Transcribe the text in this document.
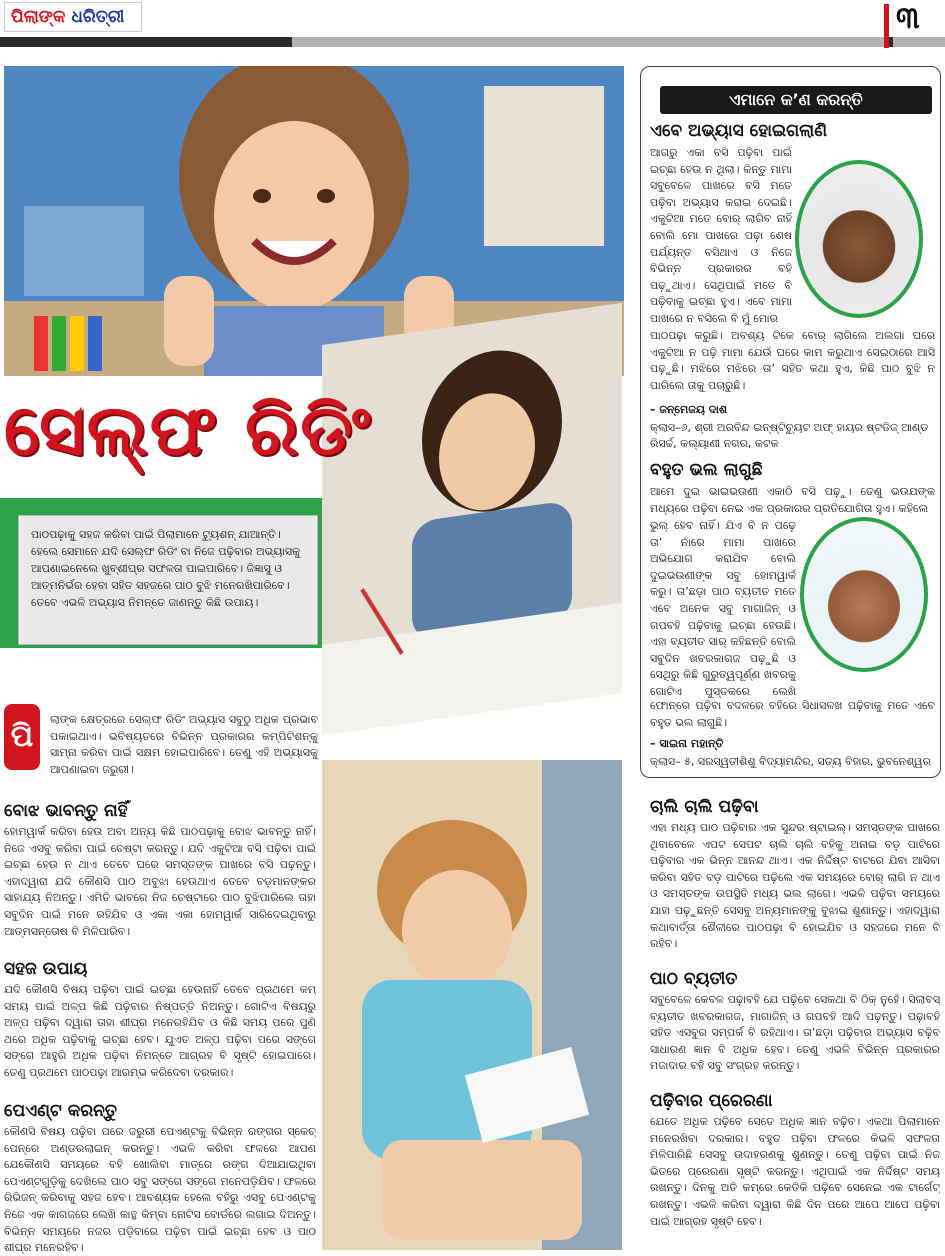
ପିଲାଙ୍କ ଧରିତ୍ରୀ	୩
ସେଲ୍ଫ ରିଡିଂ
ପାଠପଢ଼ାକୁ ସହଜ କରିବା ପାଇଁ ପିଲାମାନେ ଟ୍ୟୁଶନ୍ ଯାଆନ୍ତି। ହେଲେ ସେମାନେ ଯଦି ସେଲ୍ଫ ରିଡିଂ ବା ନିଜେ ପଢ଼ିବାର ଅଭ୍ୟାସକୁ ଆପଣାଇନେଲେ ଖୁବ୍‌ଶୀଘ୍ର ସଫଳତା ପାଇପାରିବେ। ଜିଜ୍ଞାସୁ ଓ ଆତ୍ମନିର୍ଭର ହେବା ସହିତ ସହଜରେ ପାଠ ବୁଝି ମନେରଖିପାରିବେ। ତେବେ ଏଭଳି ଅଭ୍ୟାସ ନିମନ୍ତେ ଜାଣନ୍ତୁ କିଛି ଉପାୟ।
ପି	ଲାଙ୍କ କ୍ଷେତ୍ରରେ ସେଲ୍ଫ ରିଡିଂ ଅଭ୍ୟାସ ସବୁଠୁ ଅଧିକ ପ୍ରଭାବ ପକାଇଥାଏ। ଭବିଷ୍ୟତରେ ବିଭିନ୍ନ ପ୍ରକାରର କମ୍ପିଟିଶନ୍‌କୁ ସାମ୍ନା କରିବା ପାଇଁ ସକ୍ଷମ ହୋଇପାରିବେ। ତେଣୁ ଏହି ଅଭ୍ୟାସକୁ ଆପଣାଇବା ଜରୁରୀ।
ବୋଝ ଭାବନ୍ତୁ ନାହିଁ
ହୋମୱାର୍କ କରିବା ହେଉ ଅବା ଅନ୍ୟ କିଛି ପାଠପଢ଼ାକୁ ବୋଝ ଭାବନ୍ତୁ ନାହିଁ। ନିଜେ ଏସବୁ କରିବା ପାଇଁ ଚେଷ୍ଟା କରନ୍ତୁ। ଯଦି ଏକୁଟିଆ ବସି ପଢ଼ିବା ପାଇଁ ଇଚ୍ଛା ହେଉ ନ ଥାଏ ତେବେ ଘରେ ସମସ୍ତଙ୍କ ପାଖରେ ବସି ପଢ଼ନ୍ତୁ। ଏହାଦ୍ୱାରା ଯଦି କୌଣସି ପାଠ ଅବୁଝା ହେଉଥାଏ ତେବେ ବଡ଼ମାନଙ୍କର ସାହାଯ୍ୟ ନିଅନ୍ତୁ। ଏମିତି ଭାବରେ ନିଜ ଚେଷ୍ଟାରେ ପାଠ ବୁଝିପାରିଲେ ତାହା ସବୁଦିନ ପାଇଁ ମନେ ରହିଯିବ ଓ ଏକା ଏକା ହୋମୱାର୍କ ସାରିଦେଇଥିବାରୁ ଆତ୍ମସନ୍ତୋଷ ବି ମିଳିପାରିବ।
ସହଜ ଉପାୟ
ଯଦି କୌଣସି ବିଷୟ ପଢ଼ିବା ପାଇଁ ଇଚ୍ଛା ହେଉନାହିଁ ତେବେ ପ୍ରଥମେ କମ୍ ସମୟ ପାଇଁ ଅଳ୍ପ କିଛି ପଢ଼ିବାର ନିଷ୍ପତ୍ତି ନିଅନ୍ତୁ। ଗୋଟିଏ ବିଷୟରୁ ଅଳ୍ପ ପଢ଼ିବା ଦ୍ୱାରା ତାହା ଶୀଘ୍ର ମନେରହିଯିବ ଓ କିଛି ସମୟ ପରେ ପୁଣି ଥରେ ଅଧିକ ପଢ଼ିବାକୁ ଇଚ୍ଛା ହେବ। ଯୁଏତ ଅଳ୍ପ ପଢ଼ିବା ପରେ ସଙ୍ଗେ ସଙ୍ଗେ ଆହୁରି ଅଧିକ ପଢ଼ିବା ନିମନ୍ତେ ଆଗ୍ରହ ବି ସୃଷ୍ଟି ହୋଇପାରେ। ତେଣୁ ପ୍ରଥମେ ପାଠପଢ଼ା ଆରମ୍ଭ କରିଦେବା ଦରକାର।
ପେଏଣ୍ଟ କରନ୍ତୁ
କୌଣସି ବିଷୟ ପଢ଼ିବା ପରେ ଜରୁରୀ ପେଏଣ୍ଟକୁ ବିଭିନ୍ନ ରଙ୍ଗର ସ୍କେଚ୍ ପେନ୍‌ରେ ଅଣ୍ଡରଲାଇନ୍ କରନ୍ତୁ। ଏଭଳି କରିବା ଫଳରେ ଆପଣ ଯେକୌଣସି ସମୟରେ ବହି ଖୋଲିବା ମାତ୍ରେ ରଙ୍ଗ ଦିଆଯାଇଥିବା ପେଏଣ୍ଟଗୁଡ଼ିକୁ ଦେଖିଲେ ପାଠ ସବୁ ସଙ୍ଗେ ସଙ୍ଗେ ମନେପଡ଼ିଯିବ। ଫଳରେ ରିଭିଜନ୍ କରିବାକୁ ସହଜ ହେବ। ଆବଶ୍ୟକ ହେଲେ ବହିରୁ ଏସବୁ ପେଏଣ୍ଟକୁ ନିଜେ ଏକ କାଗଜରେ ଲେଖି କାନ୍ଥ କିମ୍ବା ନୋଟିସ ବୋର୍ଡରେ ଲଗାଇ ଦିଅନ୍ତୁ। ବିଭିନ୍ନ ସମୟରେ ନଜର ପଡ଼ିବାରେ ପଢ଼ିବା ପାଇଁ ଇଚ୍ଛା ହେବ ଓ ପାଠ ଶୀଘ୍ର ମନେରହିବ।
ଏମାନେ କ’ଣ କରନ୍ତି
ଏବେ ଅଭ୍ୟାସ ହୋଇଗଲାଣି
ଆଗରୁ ଏକା ବସି ପଢ଼ିବା ପାଇଁ ଇଚ୍ଛା ହେଉ ନ ଥିଲା। କିନ୍ତୁ ମାମା ସବୁବେଳେ ପାଖରେ ବସି ମତେ ପଢ଼ିବା ଅଭ୍ୟାସ କରାଇ ଦେଇଛି। ଏକୁଟିଆ ମତେ ବୋର୍ ଲାଗିବ ନାହିଁ ବୋଲି ମୋ ପାଖରେ ପଢ଼ା ଶେଷ ପର୍ଯ୍ୟନ୍ତ ବସିଥାଏ ଓ ନିଜେ ବିଭିନ୍ନ ପ୍ରକାରର ବହି ପଢ଼ୁଥାଏ। ସେଥିପାଇଁ ମତେ ବି ପଢ଼ିବାକୁ ଇଚ୍ଛା ହୁଏ। ଏବେ ମାମା ପାଖରେ ନ ବସିଲେ ବି ମୁଁ ମୋର
ପାଠପଢ଼ା କରୁଛି। ଅବଶ୍ୟ ଟିକେ ବୋର୍ ଲାଗିଲେ ଅଲଗା ଘରେ ଏକୁଟିଆ ନ ପଢ଼ି ମାମା ଯେଉଁ ଘରେ କାମ କରୁଥାଏ ସେଇଠାରେ ଆସି ପଢ଼ୁଛି। ମଝିରେ ମଝିରେ ତା’ ସହିତ କଥା ହୁଏ, କିଛି ପାଠ ବୁଝି ନ ପାରିଲେ ତାକୁ ପଚାରୁଛି।
– ଜନ୍ମେଜୟ ଦାଶ
କ୍ଲାସ–୬, ଶ୍ରୀ ଅରବିନ୍ଦ ଇନ୍‌ଷ୍ଟିଚ୍ୟୁଟ ଅଫ୍ ହାୟର ଷ୍ଟଡିଜ୍ ଆଣ୍ଡ ରିସର୍ଚ୍ଚ, କଲ୍ୟାଣୀ ନଗର, କଟକ
ବହୁତ ଭଲ ଲାଗୁଛି
ଆମେ ଦୁଇ ଭାଇଭଉଣୀ ଏକାଠି ବସି ପଢ଼ୁ। ତେଣୁ ଭଉଯଙ୍କ ମଧ୍ୟରେ ପଢ଼ିବା ନେଇ ଏକ ପ୍ରକାରର ପ୍ରତିଯୋଗିତା ହୁଏ। କହିଲେ
ଭୁଲ୍ ହେବ ନାହିଁ। ଯିଏ ବି ନ ପଢ଼େ ତା’ ନାଁରେ ମାମା ପାଖରେ ଅଭିଯୋଗ କରାଯିବ ବୋଲି ଦୁଇଭଉଣୀଙ୍କ ସବୁ ହୋମୱାର୍କ କରୁ। ତା’ଛଡ଼ା ପାଠ ବ୍ୟତୀତ ମତେ ଏବେ ଅନେକ ସବୁ ମାଗାଜିନ୍ ଓ ଗପବହି ପଢ଼ିବାକୁ ଇଚ୍ଛା ହେଉଛି। ଏହା ବ୍ୟତୀତ ସାର୍ କହିଛନ୍ତି ବୋଲି ସବୁଦିନ ଖବରକାଗଜ ପଢ଼ୁଛି ଓ ସେଥିରୁ କିଛି ଗୁରୁତ୍ୱପୂର୍ଣ୍ଣ ଖବରକୁ ଗୋଟିଏ ପୁସ୍ତକରେ ଲେଖି
ଫୋନ୍‌ରେ ପଢ଼ିବା ବଦଳରେ ବହିରେ ସିଧାସଳଖ ପଢ଼ିବାକୁ ମତେ ଏବେ ବହୁତ ଭଲ ଲାଗୁଛି।
– ସାଇନା ମହାନ୍ତି
କ୍ଲାସ– ୫, ସରସ୍ୱତୀଶିଶୁ ବିଦ୍ୟାମନ୍ଦିର, ସତ୍ୟ ବିହାର, ଭୁବନେଶ୍ୱର
ଚାଲି ଚାଲି ପଢ଼ିବା
ଏହା ମଧ୍ୟ ପାଠ ପଢ଼ିବାର ଏକ ସୁନ୍ଦର ଷ୍ଟାଇଲ୍। ସମସ୍ତଙ୍କ ପାଖରେ ଥିବାବେଳେ ଏପଟ ସେପଟ ଚାଲି ଚାଲି ବହିକୁ ଅନାଇ ବଡ଼ ପାଟିରେ ପଢ଼ିବାର ଏକ ଭିନ୍ନ ଆନନ୍ଦ ଥାଏ। ଏକ ନିର୍ଦ୍ଦିଷ୍ଟ ବାଟରେ ଯିବା ଆସିବା କରିବା ସହିତ ବଡ଼ ପାଟିରେ ପଢ଼ିଲେ ଏକ ସମୟରେ ବୋର୍ ଲାଗି ନ ଥାଏ ଓ ସମସ୍ତଙ୍କ ଉପସ୍ଥିତି ମଧ୍ୟ ଭଲ ଲାଗେ। ଏଭଳି ପଢ଼ିବା ସମୟରେ ଯାହା ପଢ଼ୁଛନ୍ତି ସେସବୁ ଅନ୍ୟମାନଙ୍କୁ ବୁଝାଇ ଶୁଣାନ୍ତୁ। ଏହାଦ୍ୱାରା କଥାବାର୍ତ୍ତା ଶୈଳୀରେ ପାଠପଢ଼ା ବି ହୋଇଯିବ ଓ ସହଜରେ ମନେ ବି ରହିବ।
ପାଠ ବ୍ୟତୀତ
ସବୁବେଳେ କେବଳ ପଢ଼ାବହି ଯେ ପଢ଼ିବେ ସେକଥା ବି ଠିକ୍ ନୁହେଁ। ସିଲାବସ୍ ବ୍ୟତୀତ ଖବରକାଗଜ, ମାଗାଜିନ୍ ଓ ଗପବହି ଆଦି ପଢ଼ନ୍ତୁ। ପଢ଼ାବହି ସହିତ ଏସବୁର ସମ୍ପର୍କ ବି ରହିଥାଏ। ତା’ଛଡ଼ା ପଢ଼ିବାର ଅଭ୍ୟାସ ବଢ଼ିବ ସାଧାରଣ ଜ୍ଞାନ ବି ଅଧିକ ହେବ। ତେଣୁ ଏଭଳି ବିଭିନ୍ନ ପ୍ରକାରର ମଜାଦାର ବହି ସବୁ ସଂଗ୍ରହ କରନ୍ତୁ।
ପଢ଼ିବାର ପ୍ରେରଣା
ଯେତେ ଅଧିକ ପଢ଼ିବେ ସେତେ ଅଧିକ ଜ୍ଞାନ ବଢ଼ିବ। ଏକଥା ପିଲାମାନେ ମନେରଖିବା ଦରକାର। ବହୁତ ପଢ଼ିବା ଫଳରେ କିଭଳି ସଫଳତା ମିଳିପାରିଛି ସେସବୁ ଉଦାହରଣକୁ ଶୁଣନ୍ତୁ। ତେଣୁ ପଢ଼ିବା ପାଇଁ ନିଜ ଭିତରେ ପ୍ରେରଣା ସୃଷ୍ଟି କରନ୍ତୁ। ଏଥିପାଇଁ ଏକ ନିର୍ଦ୍ଦିଷ୍ଟ ସମୟ ରଖନ୍ତୁ। ଦିନକୁ ଅତି କମ୍‌ରେ କେତିକି ପଢ଼ିବେ ସେନେଇ ଏକ ଟାର୍ଗେଟ୍ ରଖନ୍ତୁ। ଏଭଳି କରିବା ଦ୍ୱାରା କିଛି ଦିନ ପରେ ଆପେ ଆପେ ପଢ଼ିବା ପାଇଁ ଆଗ୍ରହ ସୃଷ୍ଟି ହେବ।
